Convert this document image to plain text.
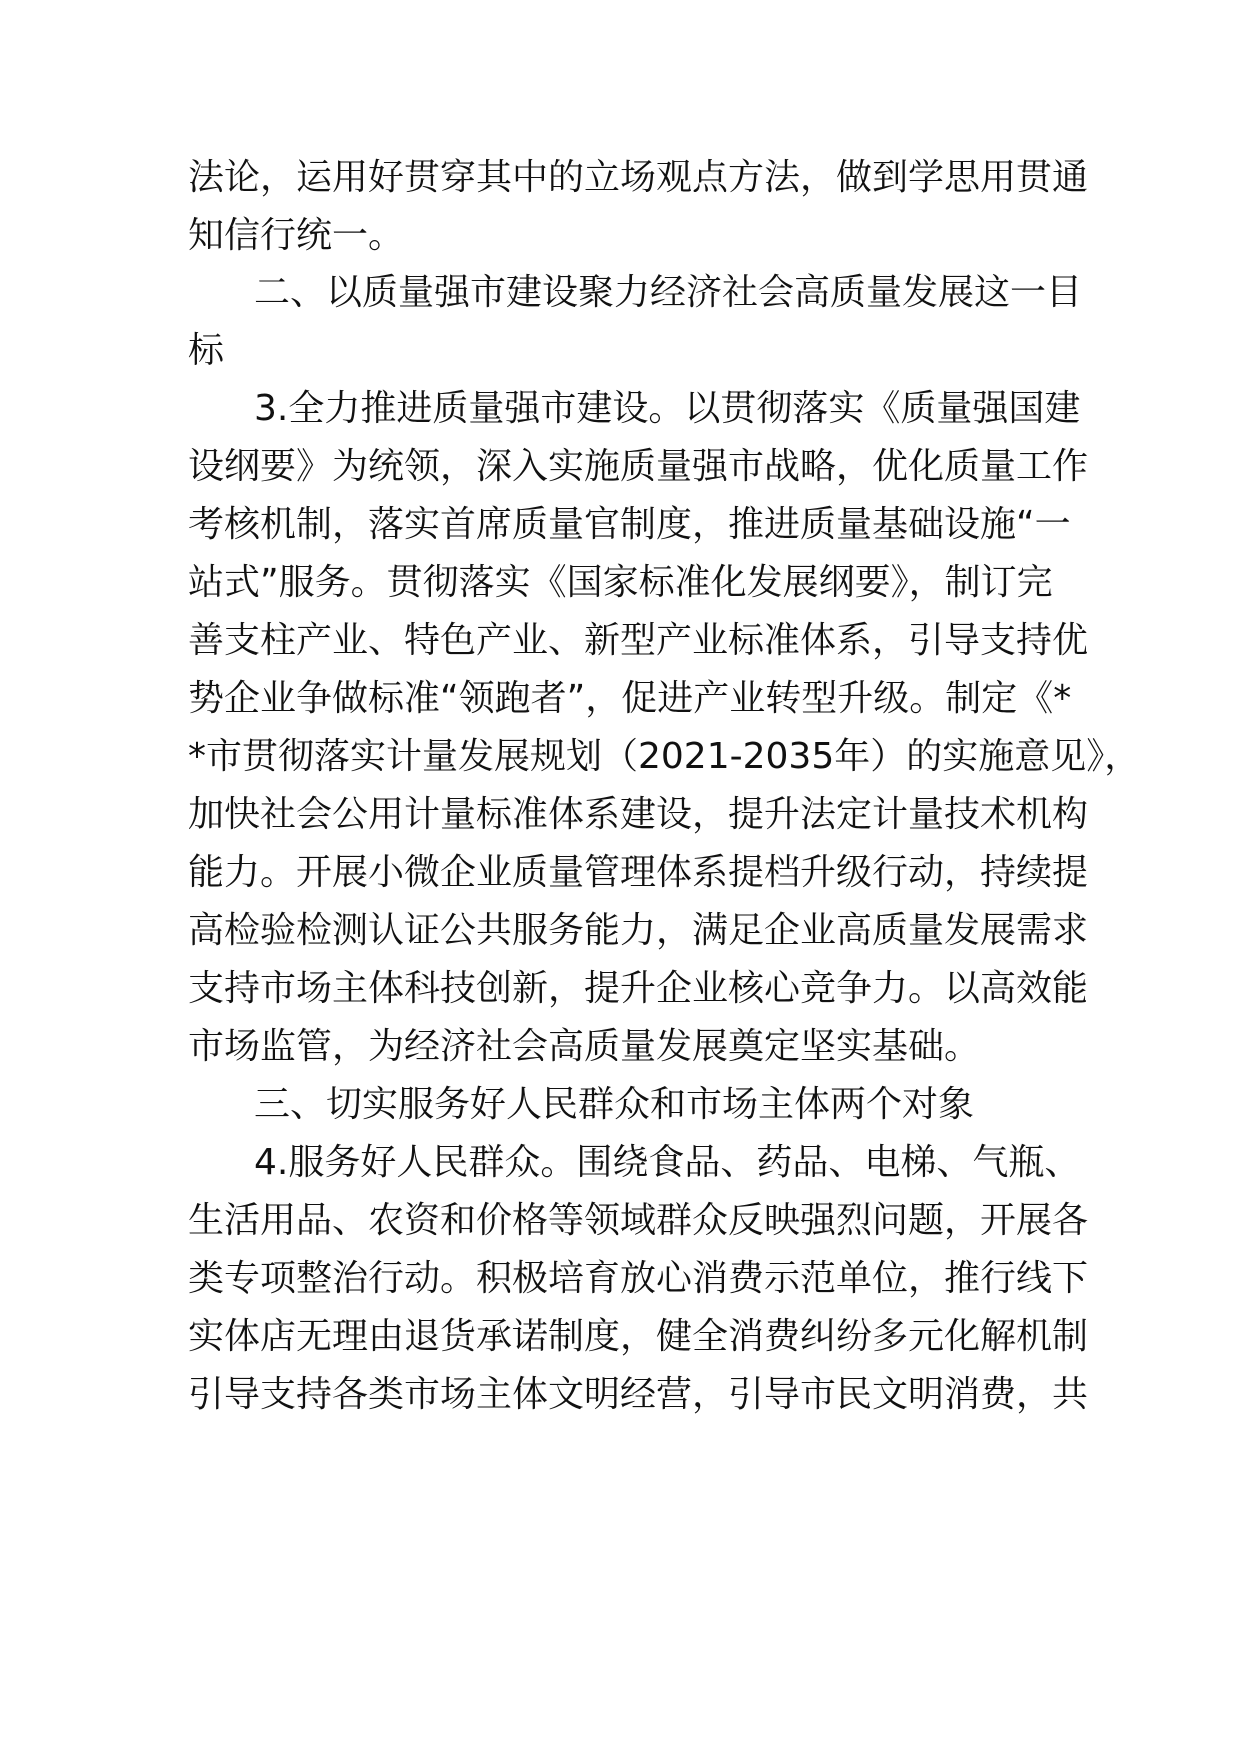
法论，运用好贯穿其中的立场观点方法，做到学思用贯通
知信行统一。
二、以质量强市建设聚力经济社会高质量发展这一目
标
3.全力推进质量强市建设。以贯彻落实《质量强国建
设纲要》为统领，深入实施质量强市战略，优化质量工作
考核机制，落实首席质量官制度，推进质量基础设施“一
站式”服务。贯彻落实《国家标准化发展纲要》，制订完
善支柱产业、特色产业、新型产业标准体系，引导支持优
势企业争做标准“领跑者”，促进产业转型升级。制定《*
*市贯彻落实计量发展规划（2021-2035年）的实施意见》，
加快社会公用计量标准体系建设，提升法定计量技术机构
能力。开展小微企业质量管理体系提档升级行动，持续提
高检验检测认证公共服务能力，满足企业高质量发展需求
支持市场主体科技创新，提升企业核心竞争力。以高效能
市场监管，为经济社会高质量发展奠定坚实基础。
三、切实服务好人民群众和市场主体两个对象
4.服务好人民群众。围绕食品、药品、电梯、气瓶、
生活用品、农资和价格等领域群众反映强烈问题，开展各
类专项整治行动。积极培育放心消费示范单位，推行线下
实体店无理由退货承诺制度，健全消费纠纷多元化解机制
引导支持各类市场主体文明经营，引导市民文明消费，共
